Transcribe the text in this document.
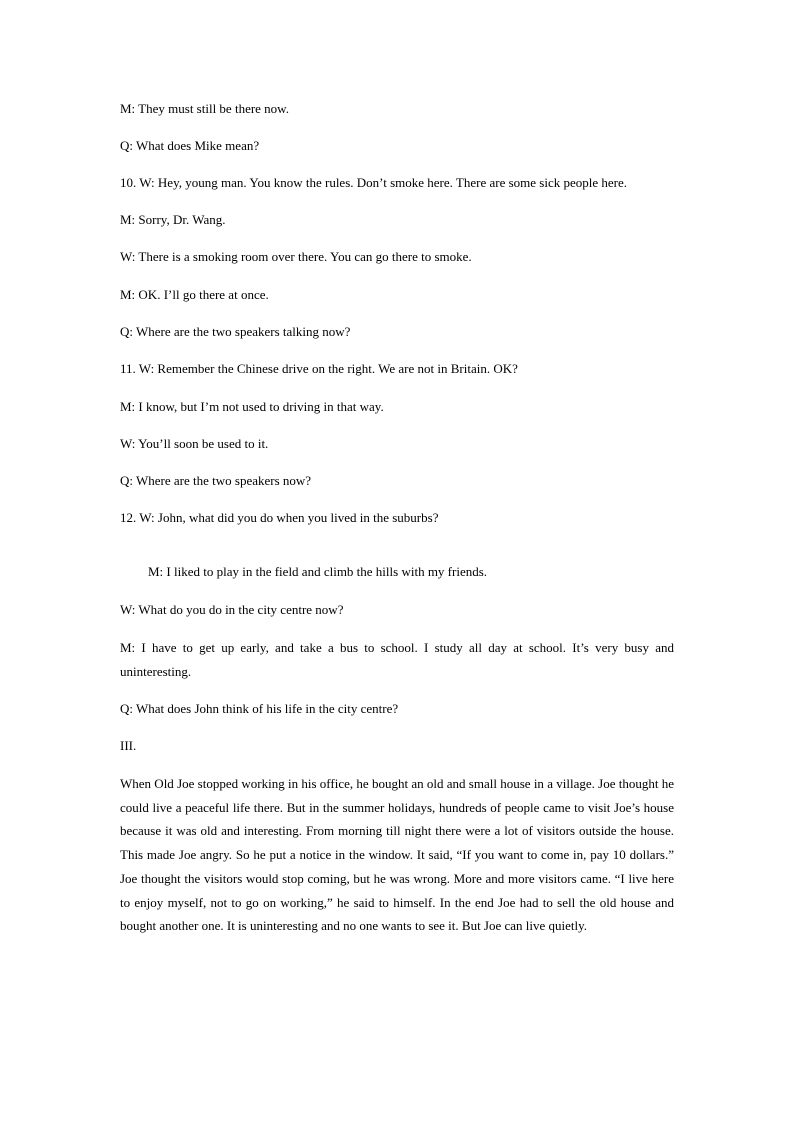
M: They must still be there now.
Q: What does Mike mean?
10. W: Hey, young man. You know the rules. Don’t smoke here. There are some sick people here.
M: Sorry, Dr. Wang.
W: There is a smoking room over there. You can go there to smoke.
M: OK. I’ll go there at once.
Q: Where are the two speakers talking now?
11. W: Remember the Chinese drive on the right. We are not in Britain. OK?
M: I know, but I’m not used to driving in that way.
W: You’ll soon be used to it.
Q: Where are the two speakers now?
12. W: John, what did you do when you lived in the suburbs?
M: I liked to play in the field and climb the hills with my friends.
W: What do you do in the city centre now?

M: I have to get up early, and take a bus to school. I study all day at school. It’s very busy and uninteresting.

Q: What does John think of his life in the city centre?
III.

When Old Joe stopped working in his office, he bought an old and small house in a village. Joe thought he could live a peaceful life there. But in the summer holidays, hundreds of people came to visit Joe’s house because it was old and interesting. From morning till night there were a lot of visitors outside the house. This made Joe angry. So he put a notice in the window. It said, “If you want to come in, pay 10 dollars.” Joe thought the visitors would stop coming, but he was wrong. More and more visitors came. “I live here to enjoy myself, not to go on working,” he said to himself. In the end Joe had to sell the old house and bought another one. It is uninteresting and no one wants to see it. But Joe can live quietly.
